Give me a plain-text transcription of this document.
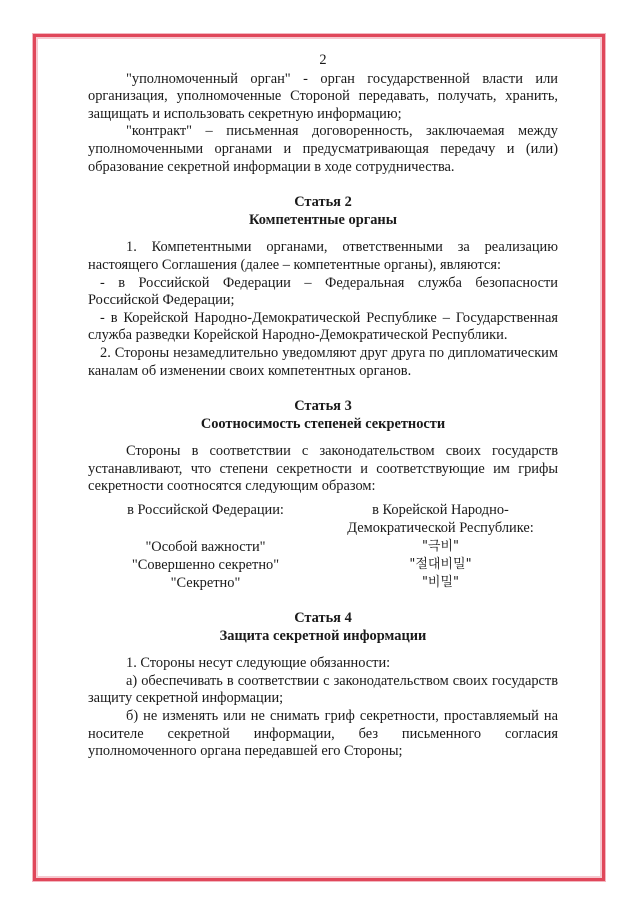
2

"уполномоченный орган" - орган государственной власти или организация, уполномоченные Стороной передавать, получать, хранить, защищать и использовать секретную информацию;

"контракт" – письменная договоренность, заключаемая между уполномоченными органами и предусматривающая передачу и (или) образование секретной информации в ходе сотрудничества.

Статья 2
Компетентные органы

1. Компетентными органами, ответственными за реализацию настоящего Соглашения (далее – компетентные органы), являются:

- в Российской Федерации – Федеральная служба безопасности Российской Федерации;

- в Корейской Народно-Демократической Республике – Государственная служба разведки Корейской Народно-Демократической Республики.

2. Стороны незамедлительно уведомляют друг друга по дипломатическим каналам об изменении своих компетентных органов.

Статья 3
Соотносимость степеней секретности

Стороны в соответствии с законодательством своих государств устанавливают, что степени секретности и соответствующие им грифы секретности соотносятся следующим образом:

в Российской Федерации:
"Особой важности"
"Совершенно секретно"
"Секретно"
в Корейской Народно-Демократической Республике:
"극비"
"절대비밀"
"비밀"
Статья 4
Защита секретной информации

1. Стороны несут следующие обязанности:

а) обеспечивать в соответствии с законодательством своих государств защиту секретной информации;

б) не изменять или не снимать гриф секретности, проставляемый на носителе секретной информации, без письменного согласия уполномоченного органа передавшей его Стороны;
